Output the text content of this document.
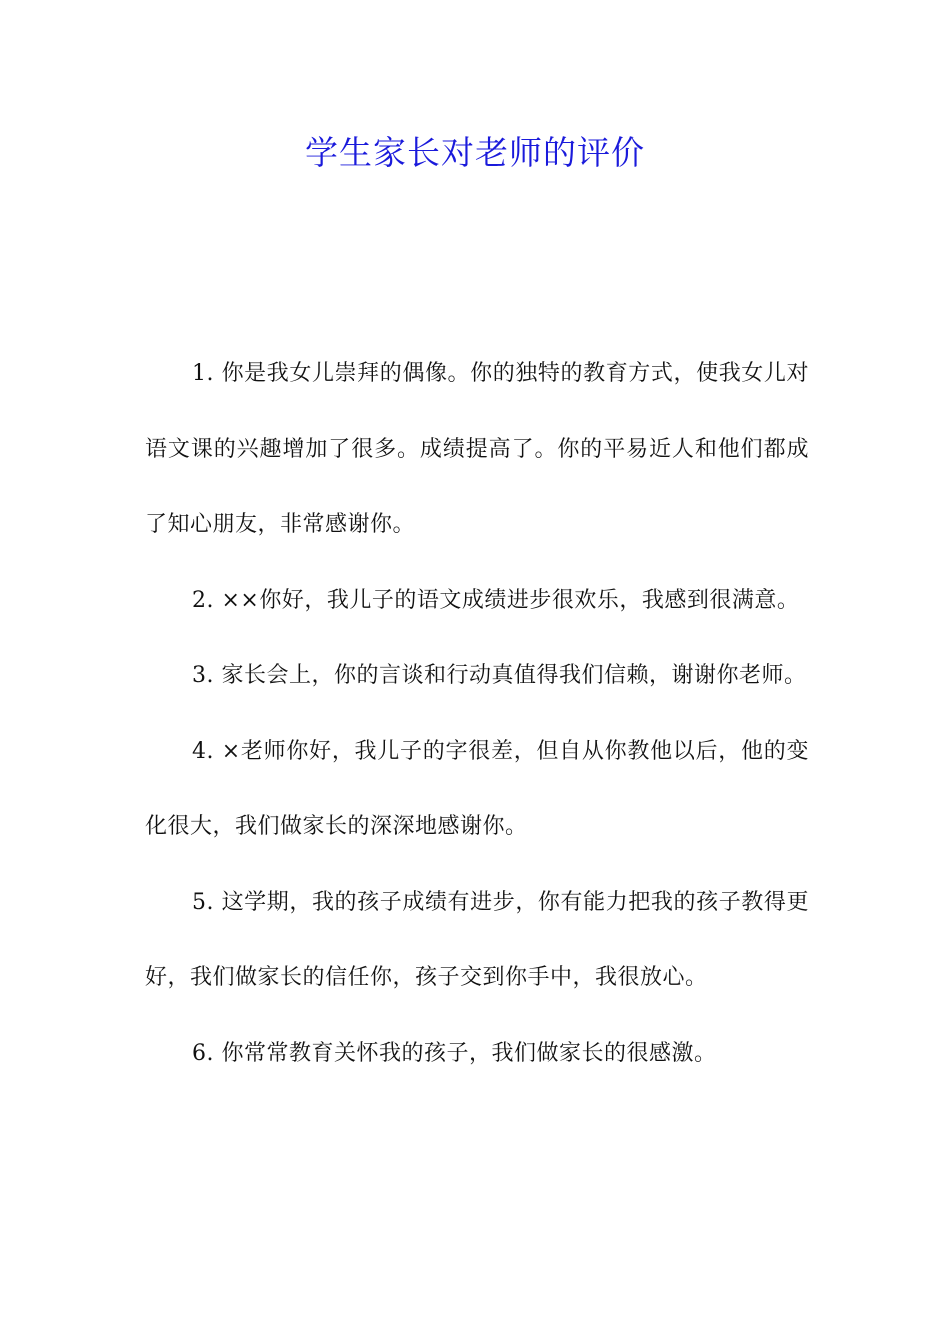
学生家长对老师的评价

1. 你是我女儿崇拜的偶像。你的独特的教育方式，使我女儿对语文课的兴趣增加了很多。成绩提高了。你的平易近人和他们都成了知心朋友，非常感谢你。

2. ××你好，我儿子的语文成绩进步很欢乐，我感到很满意。

3. 家长会上，你的言谈和行动真值得我们信赖，谢谢你老师。

4. ×老师你好，我儿子的字很差，但自从你教他以后，他的变化很大，我们做家长的深深地感谢你。

5. 这学期，我的孩子成绩有进步，你有能力把我的孩子教得更好，我们做家长的信任你，孩子交到你手中，我很放心。

6. 你常常教育关怀我的孩子，我们做家长的很感激。
